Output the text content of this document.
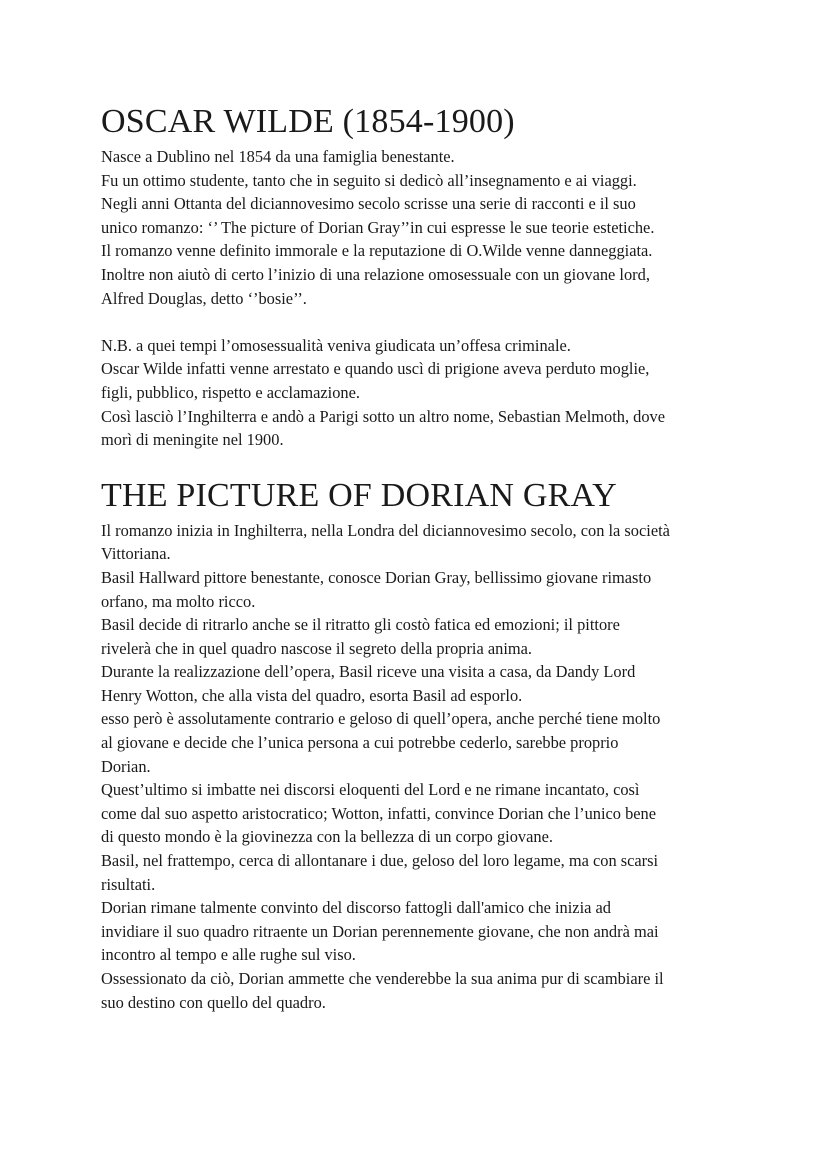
OSCAR WILDE (1854-1900)
Nasce a Dublino nel 1854 da una famiglia benestante.
Fu un ottimo studente, tanto che in seguito si dedicò all’insegnamento e ai viaggi.
Negli anni Ottanta del diciannovesimo secolo scrisse una serie di racconti e il suo
unico romanzo: ‘’ The picture of Dorian Gray’’in cui espresse le sue teorie estetiche.
Il romanzo venne definito immorale e la reputazione di O.Wilde venne danneggiata.
Inoltre non aiutò di certo l’inizio di una relazione omosessuale con un giovane lord,
Alfred Douglas, detto ‘’bosie’’.
N.B. a quei tempi l’omosessualità veniva giudicata un’offesa criminale.
Oscar Wilde infatti venne arrestato e quando uscì di prigione aveva perduto moglie,
figli, pubblico, rispetto e acclamazione.
Così lasciò l’Inghilterra e andò a Parigi sotto un altro nome, Sebastian Melmoth, dove
morì di meningite nel 1900.
THE PICTURE OF DORIAN GRAY
Il romanzo inizia in Inghilterra, nella Londra del diciannovesimo secolo, con la società
Vittoriana.
Basil Hallward pittore benestante, conosce Dorian Gray, bellissimo giovane rimasto
orfano, ma molto ricco.
Basil decide di ritrarlo anche se il ritratto gli costò fatica ed emozioni; il pittore
rivelerà che in quel quadro nascose il segreto della propria anima.
Durante la realizzazione dell’opera, Basil riceve una visita a casa, da Dandy Lord
Henry Wotton, che alla vista del quadro, esorta Basil ad esporlo.
esso però è assolutamente contrario e geloso di quell’opera, anche perché tiene molto
al giovane e decide che l’unica persona a cui potrebbe cederlo, sarebbe proprio
Dorian.
Quest’ultimo si imbatte nei discorsi eloquenti del Lord e ne rimane incantato, così
come dal suo aspetto aristocratico; Wotton, infatti, convince Dorian che l’unico bene
di questo mondo è la giovinezza con la bellezza di un corpo giovane.
Basil, nel frattempo, cerca di allontanare i due, geloso del loro legame, ma con scarsi
risultati.
Dorian rimane talmente convinto del discorso fattogli dall'amico che inizia ad
invidiare il suo quadro ritraente un Dorian perennemente giovane, che non andrà mai
incontro al tempo e alle rughe sul viso.
Ossessionato da ciò, Dorian ammette che venderebbe la sua anima pur di scambiare il
suo destino con quello del quadro.
